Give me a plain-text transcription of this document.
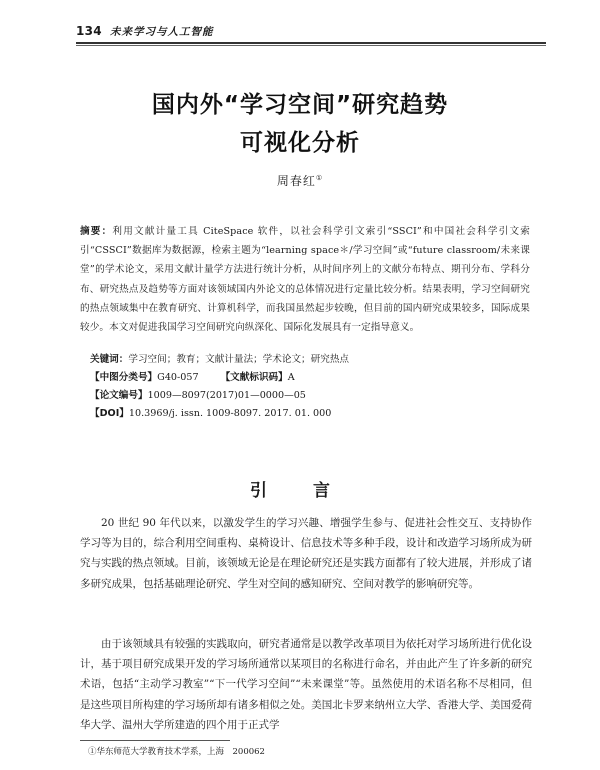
134 未来学习与人工智能
国内外“学习空间”研究趋势
可视化分析
周春红①
摘要：利用文献计量工具 CiteSpace 软件，以社会科学引文索引“SSCI”和中国社会科学引文索引“CSSCI”数据库为数据源，检索主题为“learning space＊/学习空间”或“future classroom/未来课堂”的学术论文，采用文献计量学方法进行统计分析，从时间序列上的文献分布特点、期刊分布、学科分布、研究热点及趋势等方面对该领域国内外论文的总体情况进行定量比较分析。结果表明，学习空间研究的热点领域集中在教育研究、计算机科学，而我国虽然起步较晚，但目前的国内研究成果较多，国际成果较少。本文对促进我国学习空间研究向纵深化、国际化发展具有一定指导意义。
关键词：学习空间；教育；文献计量法；学术论文；研究热点
【中图分类号】G40-057 【文献标识码】A
【论文编号】1009—8097(2017)01—0000—05
【DOI】10.3969/j. issn. 1009-8097. 2017. 01. 000
引 言

20 世纪 90 年代以来，以激发学生的学习兴趣、增强学生参与、促进社会性交互、支持协作学习等为目的，综合利用空间重构、桌椅设计、信息技术等多种手段，设计和改造学习场所成为研究与实践的热点领域。目前，该领域无论是在理论研究还是实践方面都有了较大进展，并形成了诸多研究成果，包括基础理论研究、学生对空间的感知研究、空间对教学的影响研究等。

由于该领域具有较强的实践取向，研究者通常是以教学改革项目为依托对学习场所进行优化设计，基于项目研究成果开发的学习场所通常以某项目的名称进行命名，并由此产生了许多新的研究术语，包括“主动学习教室”“下一代学习空间”“未来课堂”等。虽然使用的术语名称不尽相同，但是这些项目所构建的学习场所却有诸多相似之处。美国北卡罗来纳州立大学、香港大学、美国爱荷华大学、温州大学所建造的四个用于正式学

①华东师范大学教育技术学系，上海　200062
